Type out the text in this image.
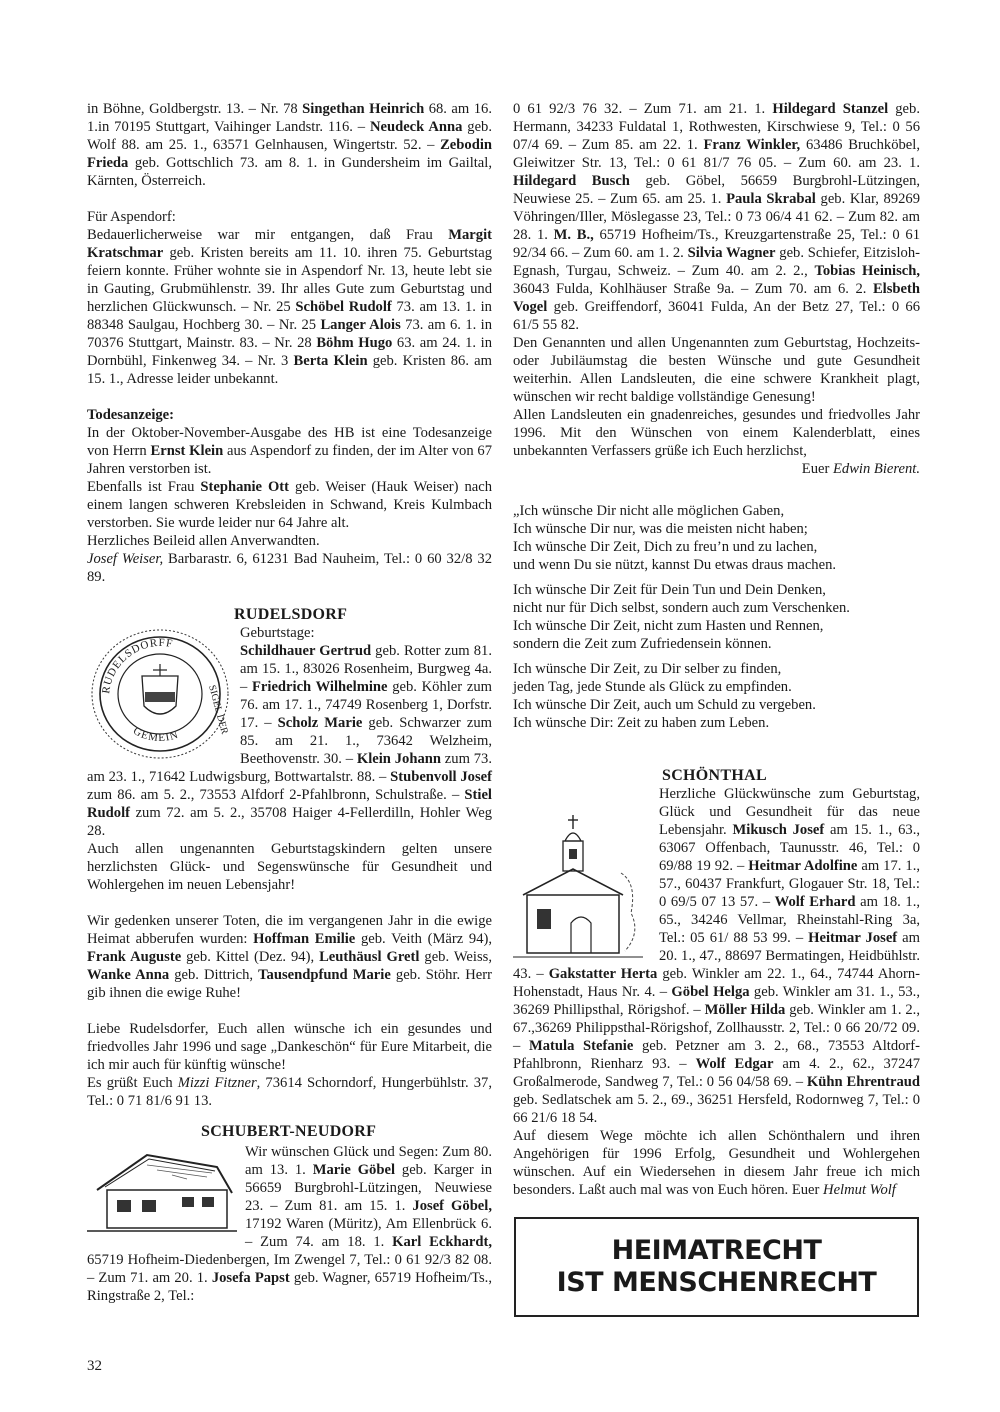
in Böhne, Goldbergstr. 13. – Nr. 78 Singethan Heinrich 68. am 16. 1.in 70195 Stuttgart, Vaihinger Landstr. 116. – Neudeck Anna geb. Wolf 88. am 25. 1., 63571 Gelnhausen, Wingertstr. 52. – Zebodin Frieda geb. Gottschlich 73. am 8. 1. in Gundersheim im Gailtal, Kärnten, Österreich.

Für Aspendorf:

Bedauerlicherweise war mir entgangen, daß Frau Margit Kratschmar geb. Kristen bereits am 11. 10. ihren 75. Geburtstag feiern konnte. Früher wohnte sie in Aspendorf Nr. 13, heute lebt sie in Gauting, Grubmühlenstr. 39. Ihr alles Gute zum Geburtstag und herzlichen Glückwunsch. – Nr. 25 Schöbel Rudolf 73. am 13. 1. in 88348 Saulgau, Hochberg 30. – Nr. 25 Langer Alois 73. am 6. 1. in 70376 Stuttgart, Mainstr. 83. – Nr. 28 Böhm Hugo 63. am 24. 1. in Dornbühl, Finkenweg 34. – Nr. 3 Berta Klein geb. Kristen 86. am 15. 1., Adresse leider unbekannt.

Todesanzeige:

In der Oktober-November-Ausgabe des HB ist eine Todesanzeige von Herrn Ernst Klein aus Aspendorf zu finden, der im Alter von 67 Jahren verstorben ist.

Ebenfalls ist Frau Stephanie Ott geb. Weiser (Hauk Weiser) nach einem langen schweren Krebsleiden in Schwand, Kreis Kulmbach verstorben. Sie wurde leider nur 64 Jahre alt.

Herzliches Beileid allen Anverwandten.

Josef Weiser, Barbarastr. 6, 61231 Bad Nauheim, Tel.: 0 60 32/8 32 89.

RUDELSDORF

RUDELSDORFF
SIGEL DER
GEMEIN

Geburtstage:

Schildhauer Gertrud geb. Rotter zum 81. am 15. 1., 83026 Rosenheim, Burgweg 4a. – Friedrich Wilhelmine geb. Köhler zum 76. am 17. 1., 74749 Rosenberg 1, Dorfstr. 17. – Scholz Marie geb. Schwarzer zum 85. am 21. 1., 73642 Welzheim, Beethovenstr. 30. – Klein Johann zum 73. am 23. 1., 71642 Ludwigsburg, Bottwartalstr. 88. – Stubenvoll Josef zum 86. am 5. 2., 73553 Alfdorf 2-Pfahlbronn, Schulstraße. – Stiel Rudolf zum 72. am 5. 2., 35708 Haiger 4-Fellerdilln, Hohler Weg 28.

Auch allen ungenannten Geburtstagskindern gelten unsere herzlichsten Glück- und Segenswünsche für Gesundheit und Wohlergehen im neuen Lebensjahr!

Wir gedenken unserer Toten, die im vergangenen Jahr in die ewige Heimat abberufen wurden: Hoffman Emilie geb. Veith (März 94), Frank Auguste geb. Kittel (Dez. 94), Leuthäusl Gretl geb. Weiss, Wanke Anna geb. Dittrich, Tausendpfund Marie geb. Stöhr. Herr gib ihnen die ewige Ruhe!

Liebe Rudelsdorfer, Euch allen wünsche ich ein gesundes und friedvolles Jahr 1996 und sage „Dankeschön“ für Eure Mitarbeit, die ich mir auch für künftig wünsche!

Es grüßt Euch Mizzi Fitzner, 73614 Schorndorf, Hungerbühlstr. 37, Tel.: 0 71 81/6 91 13.

SCHUBERT-NEUDORF

Wir wünschen Glück und Segen: Zum 80. am 13. 1. Marie Göbel geb. Karger in 56659 Burgbrohl-Lützingen, Neuwiese 23. – Zum 81. am 15. 1. Josef Göbel, 17192 Waren (Müritz), Am Ellenbrück 6. – Zum 74. am 18. 1. Karl Eckhardt, 65719 Hofheim-Diedenbergen, Im Zwengel 7, Tel.: 0 61 92/3 82 08. – Zum 71. am 20. 1. Josefa Papst geb. Wagner, 65719 Hofheim/Ts., Ringstraße 2, Tel.:

0 61 92/3 76 32. – Zum 71. am 21. 1. Hildegard Stanzel geb. Hermann, 34233 Fuldatal 1, Rothwesten, Kirschwiese 9, Tel.: 0 56 07/4 69. – Zum 85. am 22. 1. Franz Winkler, 63486 Bruchköbel, Gleiwitzer Str. 13, Tel.: 0 61 81/7 76 05. – Zum 60. am 23. 1. Hildegard Busch geb. Göbel, 56659 Burgbrohl-Lützingen, Neuwiese 25. – Zum 65. am 25. 1. Paula Skrabal geb. Klar, 89269 Vöhringen/Iller, Möslegasse 23, Tel.: 0 73 06/4 41 62. – Zum 82. am 28. 1. M. B., 65719 Hofheim/Ts., Kreuzgartenstraße 25, Tel.: 0 61 92/34 66. – Zum 60. am 1. 2. Silvia Wagner geb. Schiefer, Eitzisloh-Egnash, Turgau, Schweiz. – Zum 40. am 2. 2., Tobias Heinisch, 36043 Fulda, Kohlhäuser Straße 9a. – Zum 70. am 6. 2. Elsbeth Vogel geb. Greiffendorf, 36041 Fulda, An der Betz 27, Tel.: 0 66 61/5 55 82.

Den Genannten und allen Ungenannten zum Geburtstag, Hochzeits- oder Jubiläumstag die besten Wünsche und gute Gesundheit weiterhin. Allen Landsleuten, die eine schwere Krankheit plagt, wünschen wir recht baldige vollständige Genesung!

Allen Landsleuten ein gnadenreiches, gesundes und friedvolles Jahr 1996. Mit den Wünschen von einem Kalenderblatt, eines unbekannten Verfassers grüße ich Euch herzlichst,

Euer Edwin Bierent.

„Ich wünsche Dir nicht alle möglichen Gaben,

Ich wünsche Dir nur, was die meisten nicht haben;

Ich wünsche Dir Zeit, Dich zu freu’n und zu lachen,

und wenn Du sie nützt, kannst Du etwas draus machen.

Ich wünsche Dir Zeit für Dein Tun und Dein Denken,

nicht nur für Dich selbst, sondern auch zum Verschenken.

Ich wünsche Dir Zeit, nicht zum Hasten und Rennen,

sondern die Zeit zum Zufriedensein können.

Ich wünsche Dir Zeit, zu Dir selber zu finden,

jeden Tag, jede Stunde als Glück zu empfinden.

Ich wünsche Dir Zeit, auch um Schuld zu vergeben.

Ich wünsche Dir: Zeit zu haben zum Leben.

SCHÖNTHAL

Herzliche Glückwünsche zum Geburtstag, Glück und Gesundheit für das neue Lebensjahr. Mikusch Josef am 15. 1., 63., 63067 Offenbach, Taunusstr. 46, Tel.: 0 69/88 19 92. – Heitmar Adolfine am 17. 1., 57., 60437 Frankfurt, Glogauer Str. 18, Tel.: 0 69/5 07 13 57. – Wolf Erhard am 18. 1., 65., 34246 Vellmar, Rheinstahl-Ring 3a, Tel.: 05 61/ 88 53 99. – Heitmar Josef am 20. 1., 47., 88697 Bermatingen, Heidbühlstr. 43. – Gakstatter Herta geb. Winkler am 22. 1., 64., 74744 Ahorn-Hohenstadt, Haus Nr. 4. – Göbel Helga geb. Winkler am 31. 1., 53., 36269 Phillipsthal, Rörigshof. – Möller Hilda geb. Winkler am 1. 2., 67.,36269 Philippsthal-Rörigshof, Zollhausstr. 2, Tel.: 0 66 20/72 09. – Matula Stefanie geb. Petzner am 3. 2., 68., 73553 Altdorf-Pfahlbronn, Rienharz 93. – Wolf Edgar am 4. 2., 62., 37247 Großalmerode, Sandweg 7, Tel.: 0 56 04/58 69. – Kühn Ehrentraud geb. Sedlatschek am 5. 2., 69., 36251 Hersfeld, Rodornweg 7, Tel.: 0 66 21/6 18 54.

Auf diesem Wege möchte ich allen Schönthalern und ihren Angehörigen für 1996 Erfolg, Gesundheit und Wohlergehen wünschen. Auf ein Wiedersehen in diesem Jahr freue ich mich besonders. Laßt auch mal was von Euch hören. Euer Helmut Wolf

HEIMATRECHT
IST MENSCHENRECHT
32
